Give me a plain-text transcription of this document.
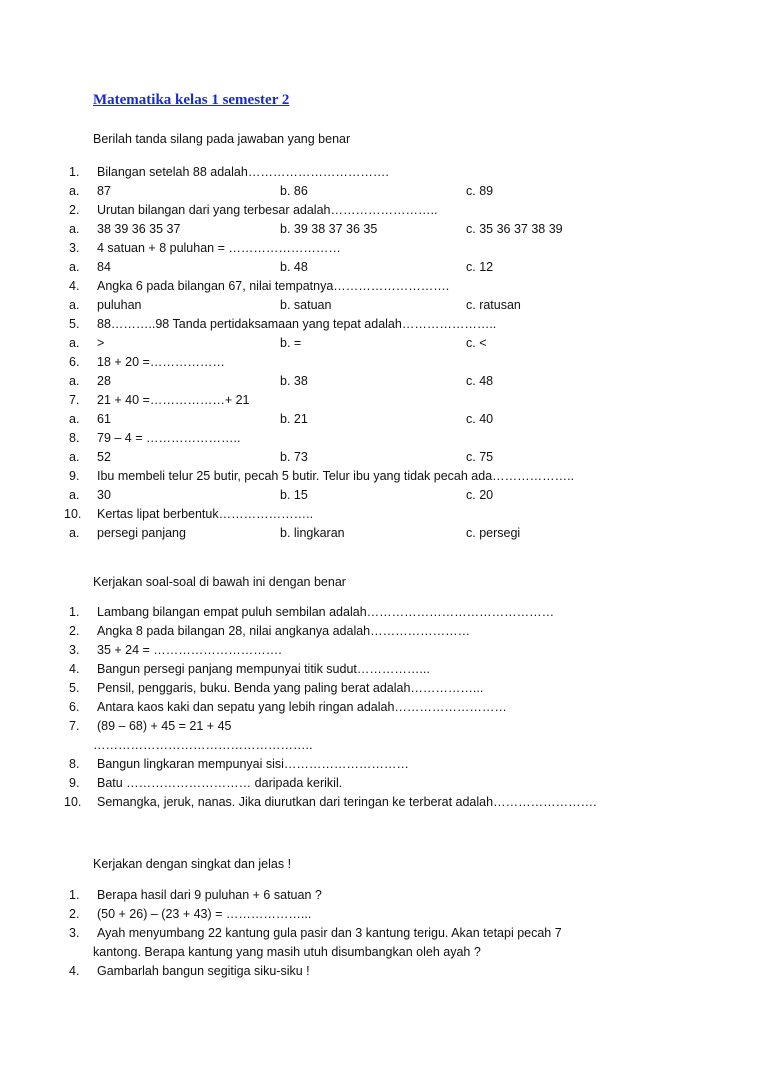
Matematika kelas 1 semester 2
Berilah tanda silang pada jawaban yang benar
1. Bilangan setelah 88 adalah…………………………….
a. 87	b. 86	c. 89
2. Urutan bilangan dari yang terbesar adalah……………………..
a. 38 39 36 35 37	b. 39 38 37 36 35	c. 35 36 37 38 39
3. 4 satuan + 8 puluhan = ………………………
a. 84	b. 48	c. 12
4. Angka 6 pada bilangan 67, nilai tempatnya……………………….
a. puluhan	b. satuan	c. ratusan
5. 88………..98 Tanda pertidaksamaan yang tepat adalah…………………..
a. >	b. =	c. <
6. 18 + 20 =………………
a. 28	b. 38	c. 48
7. 21 + 40 =………………+ 21
a. 61	b. 21	c. 40
8. 79 – 4 = …………………..
a. 52	b. 73	c. 75
9. Ibu membeli telur 25 butir, pecah 5 butir. Telur ibu yang tidak pecah ada………………..
a. 30	b. 15	c. 20
10. Kertas lipat berbentuk…………………..
a. persegi panjang	b. lingkaran	c. persegi
Kerjakan soal-soal di bawah ini dengan benar
1. Lambang bilangan empat puluh sembilan adalah………………………………………
2. Angka 8 pada bilangan 28, nilai angkanya adalah……………………
3. 35 + 24 = ………………………….
4. Bangun persegi panjang mempunyai titik sudut……………...
5. Pensil, penggaris, buku. Benda yang paling berat adalah……………...
6. Antara kaos kaki dan sepatu yang lebih ringan adalah………………………
7. (89 – 68) + 45 = 21 + 45
……………………………………………..
8. Bangun lingkaran mempunyai sisi…………………………
9. Batu ………………………… daripada kerikil.
10. Semangka, jeruk, nanas. Jika diurutkan dari teringan ke terberat adalah…………………….
Kerjakan dengan singkat dan jelas !
1. Berapa hasil dari 9 puluhan + 6 satuan ?
2. (50 + 26) – (23 + 43) = ………………...
3. Ayah menyumbang 22 kantung gula pasir dan 3 kantung terigu. Akan tetapi pecah 7
kantong. Berapa kantung yang masih utuh disumbangkan oleh ayah ?
4. Gambarlah bangun segitiga siku-siku !
